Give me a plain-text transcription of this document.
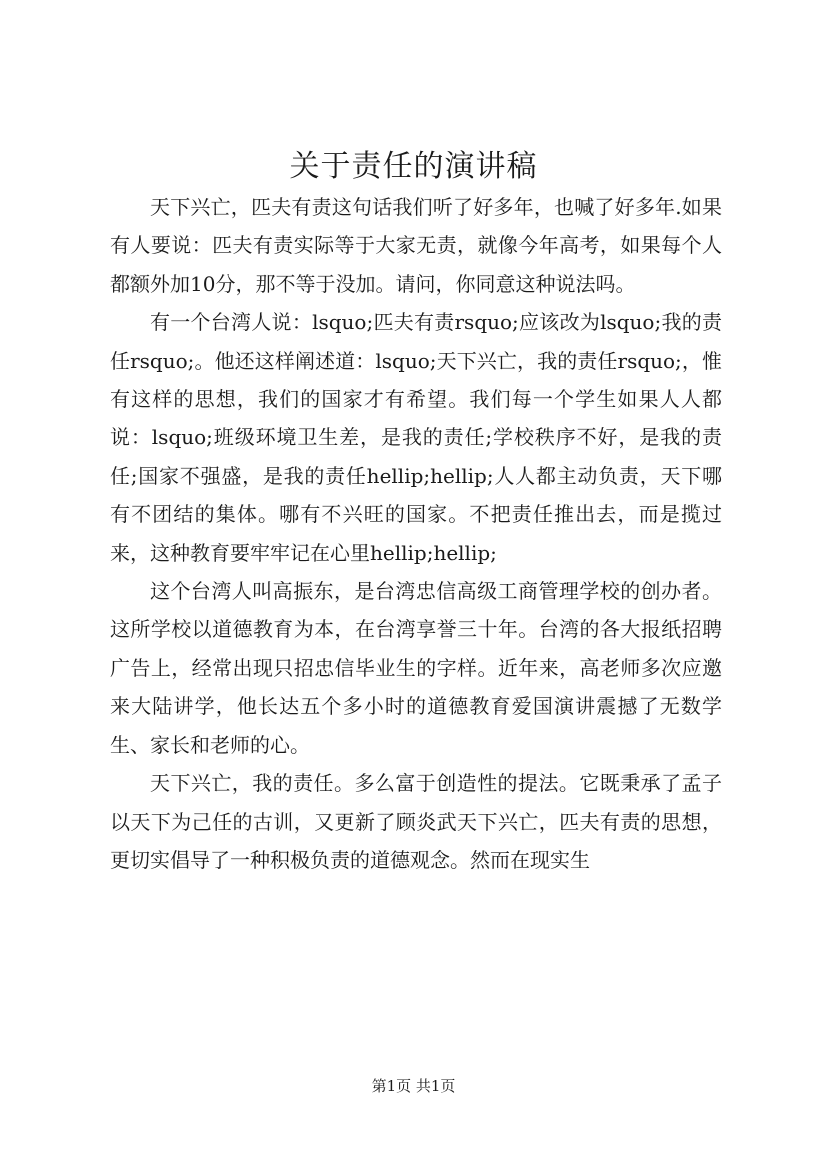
关于责任的演讲稿

天下兴亡，匹夫有责这句话我们听了好多年，也喊了好多年.如果有人要说：匹夫有责实际等于大家无责，就像今年高考，如果每个人都额外加10分，那不等于没加。请问，你同意这种说法吗。

有一个台湾人说：lsquo;匹夫有责rsquo;应该改为lsquo;我的责任rsquo;。他还这样阐述道：lsquo;天下兴亡，我的责任rsquo;，惟有这样的思想，我们的国家才有希望。我们每一个学生如果人人都说：lsquo;班级环境卫生差，是我的责任;学校秩序不好，是我的责任;国家不强盛，是我的责任hellip;hellip;人人都主动负责，天下哪有不团结的集体。哪有不兴旺的国家。不把责任推出去，而是揽过来，这种教育要牢牢记在心里hellip;hellip;

这个台湾人叫高振东，是台湾忠信高级工商管理学校的创办者。这所学校以道德教育为本，在台湾享誉三十年。台湾的各大报纸招聘广告上，经常出现只招忠信毕业生的字样。近年来，高老师多次应邀来大陆讲学，他长达五个多小时的道德教育爱国演讲震撼了无数学生、家长和老师的心。

天下兴亡，我的责任。多么富于创造性的提法。它既秉承了孟子以天下为己任的古训，又更新了顾炎武天下兴亡，匹夫有责的思想，更切实倡导了一种积极负责的道德观念。然而在现实生

第1页 共1页
